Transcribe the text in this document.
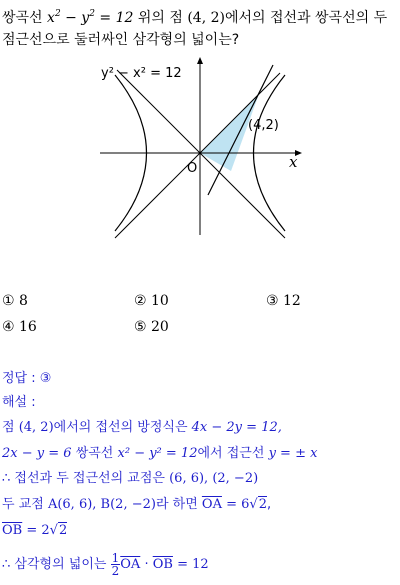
쌍곡선 $x^2 - y^2 = 12$ 위의 점 (4, 2)에서의 접선과 쌍곡선의 두
점근선으로 둘러싸인 삼각형의 넓이는?
y² − x² = 12
(4,2)
O	x
① 8	② 10	③ 12
④ 16	⑤ 20
정답 : ③
해설 :
점 (4, 2)에서의 접선의 방정식은 4x − 2y = 12,
2x − y = 6 쌍곡선 x² − y² = 12에서 접근선 y = ± x
∴ 접선과 두 접근선의 교점은 (6, 6), (2, −2)
두 교점 A(6, 6), B(2, −2)라 하면 $\overline{OA} = 6√2$,
$\overline{OB} = 2√2$
∴ 삼각형의 넓이는 $\frac{1}{2} \overline{OA} \cdot \overline{OB} = 12$
